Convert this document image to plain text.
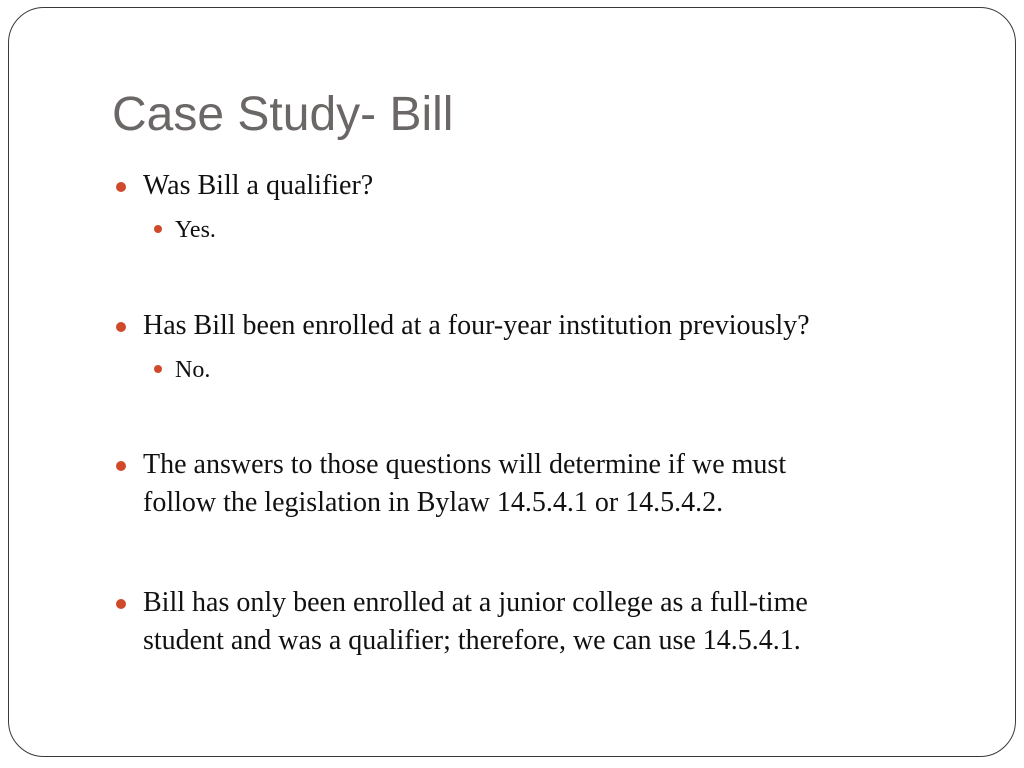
Case Study- Bill
Was Bill a qualifier?
Yes.
Has Bill been enrolled at a four-year institution previously?
No.
The answers to those questions will determine if we must
follow the legislation in Bylaw 14.5.4.1 or 14.5.4.2.
Bill has only been enrolled at a junior college as a full-time
student and was a qualifier; therefore, we can use 14.5.4.1.
